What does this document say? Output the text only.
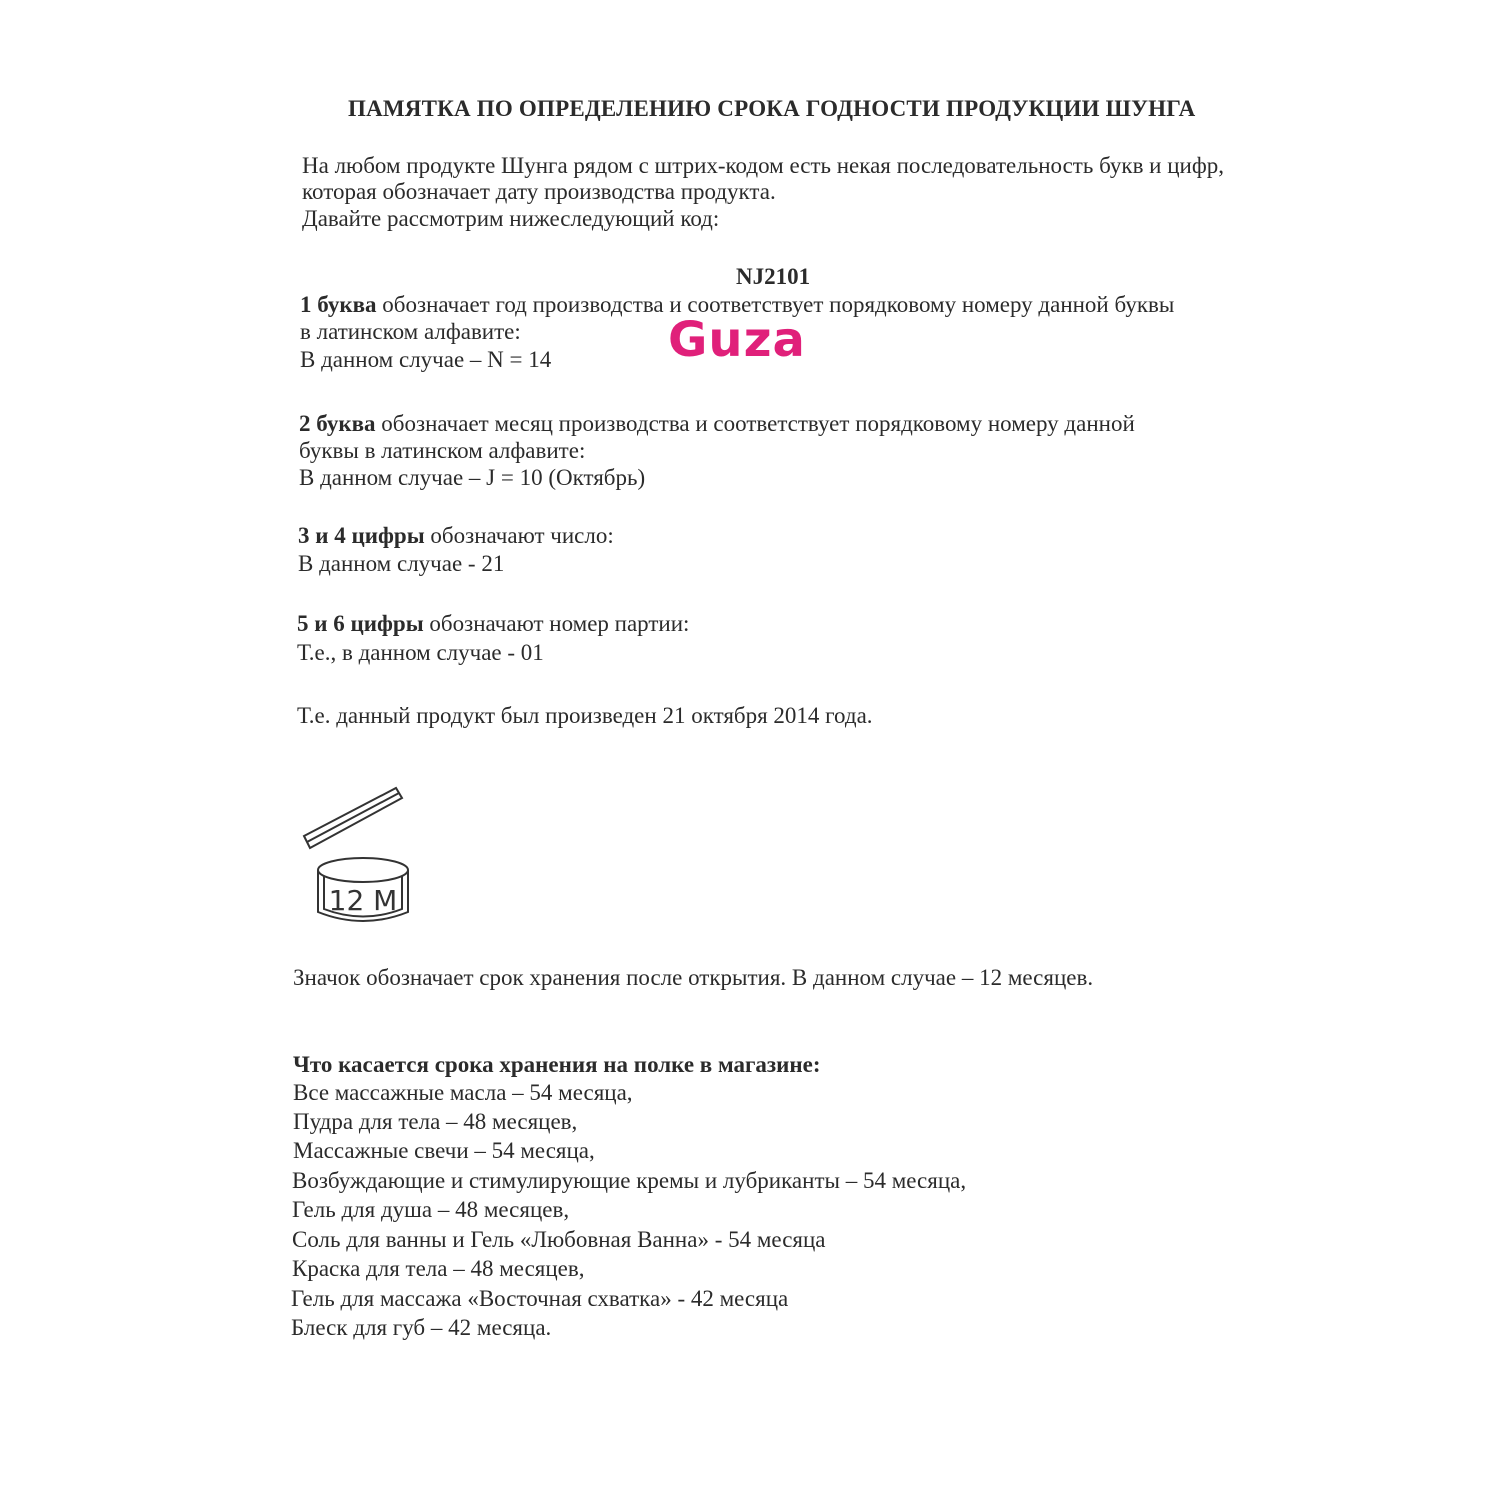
ПАМЯТКА ПО ОПРЕДЕЛЕНИЮ СРОКА ГОДНОСТИ ПРОДУКЦИИ ШУНГА
На любом продукте Шунга рядом с штрих-кодом есть некая последовательность букв и цифр,
которая обозначает дату производства продукта.
Давайте рассмотрим нижеследующий код:
NJ2101
Guza
1 буква обозначает год производства и соответствует порядковому номеру данной буквы
в латинском алфавите:
В данном случае – N = 14
2 буква обозначает месяц производства и соответствует порядковому номеру данной
буквы в латинском алфавите:
В данном случае – J = 10 (Октябрь)
3 и 4 цифры обозначают число:
В данном случае - 21
5 и 6 цифры обозначают номер партии:
Т.е., в данном случае - 01
Т.е. данный продукт был произведен 21 октября 2014 года.
12 M
Значок обозначает срок хранения после открытия. В данном случае – 12 месяцев.
Что касается срока хранения на полке в магазине:
Все массажные масла – 54 месяца,
Пудра для тела – 48 месяцев,
Массажные свечи – 54 месяца,
Возбуждающие и стимулирующие кремы и лубриканты – 54 месяца,
Гель для душа – 48 месяцев,
Соль для ванны и Гель «Любовная Ванна» - 54 месяца
Краска для тела – 48 месяцев,
Гель для массажа «Восточная схватка» - 42 месяца
Блеск для губ – 42 месяца.
